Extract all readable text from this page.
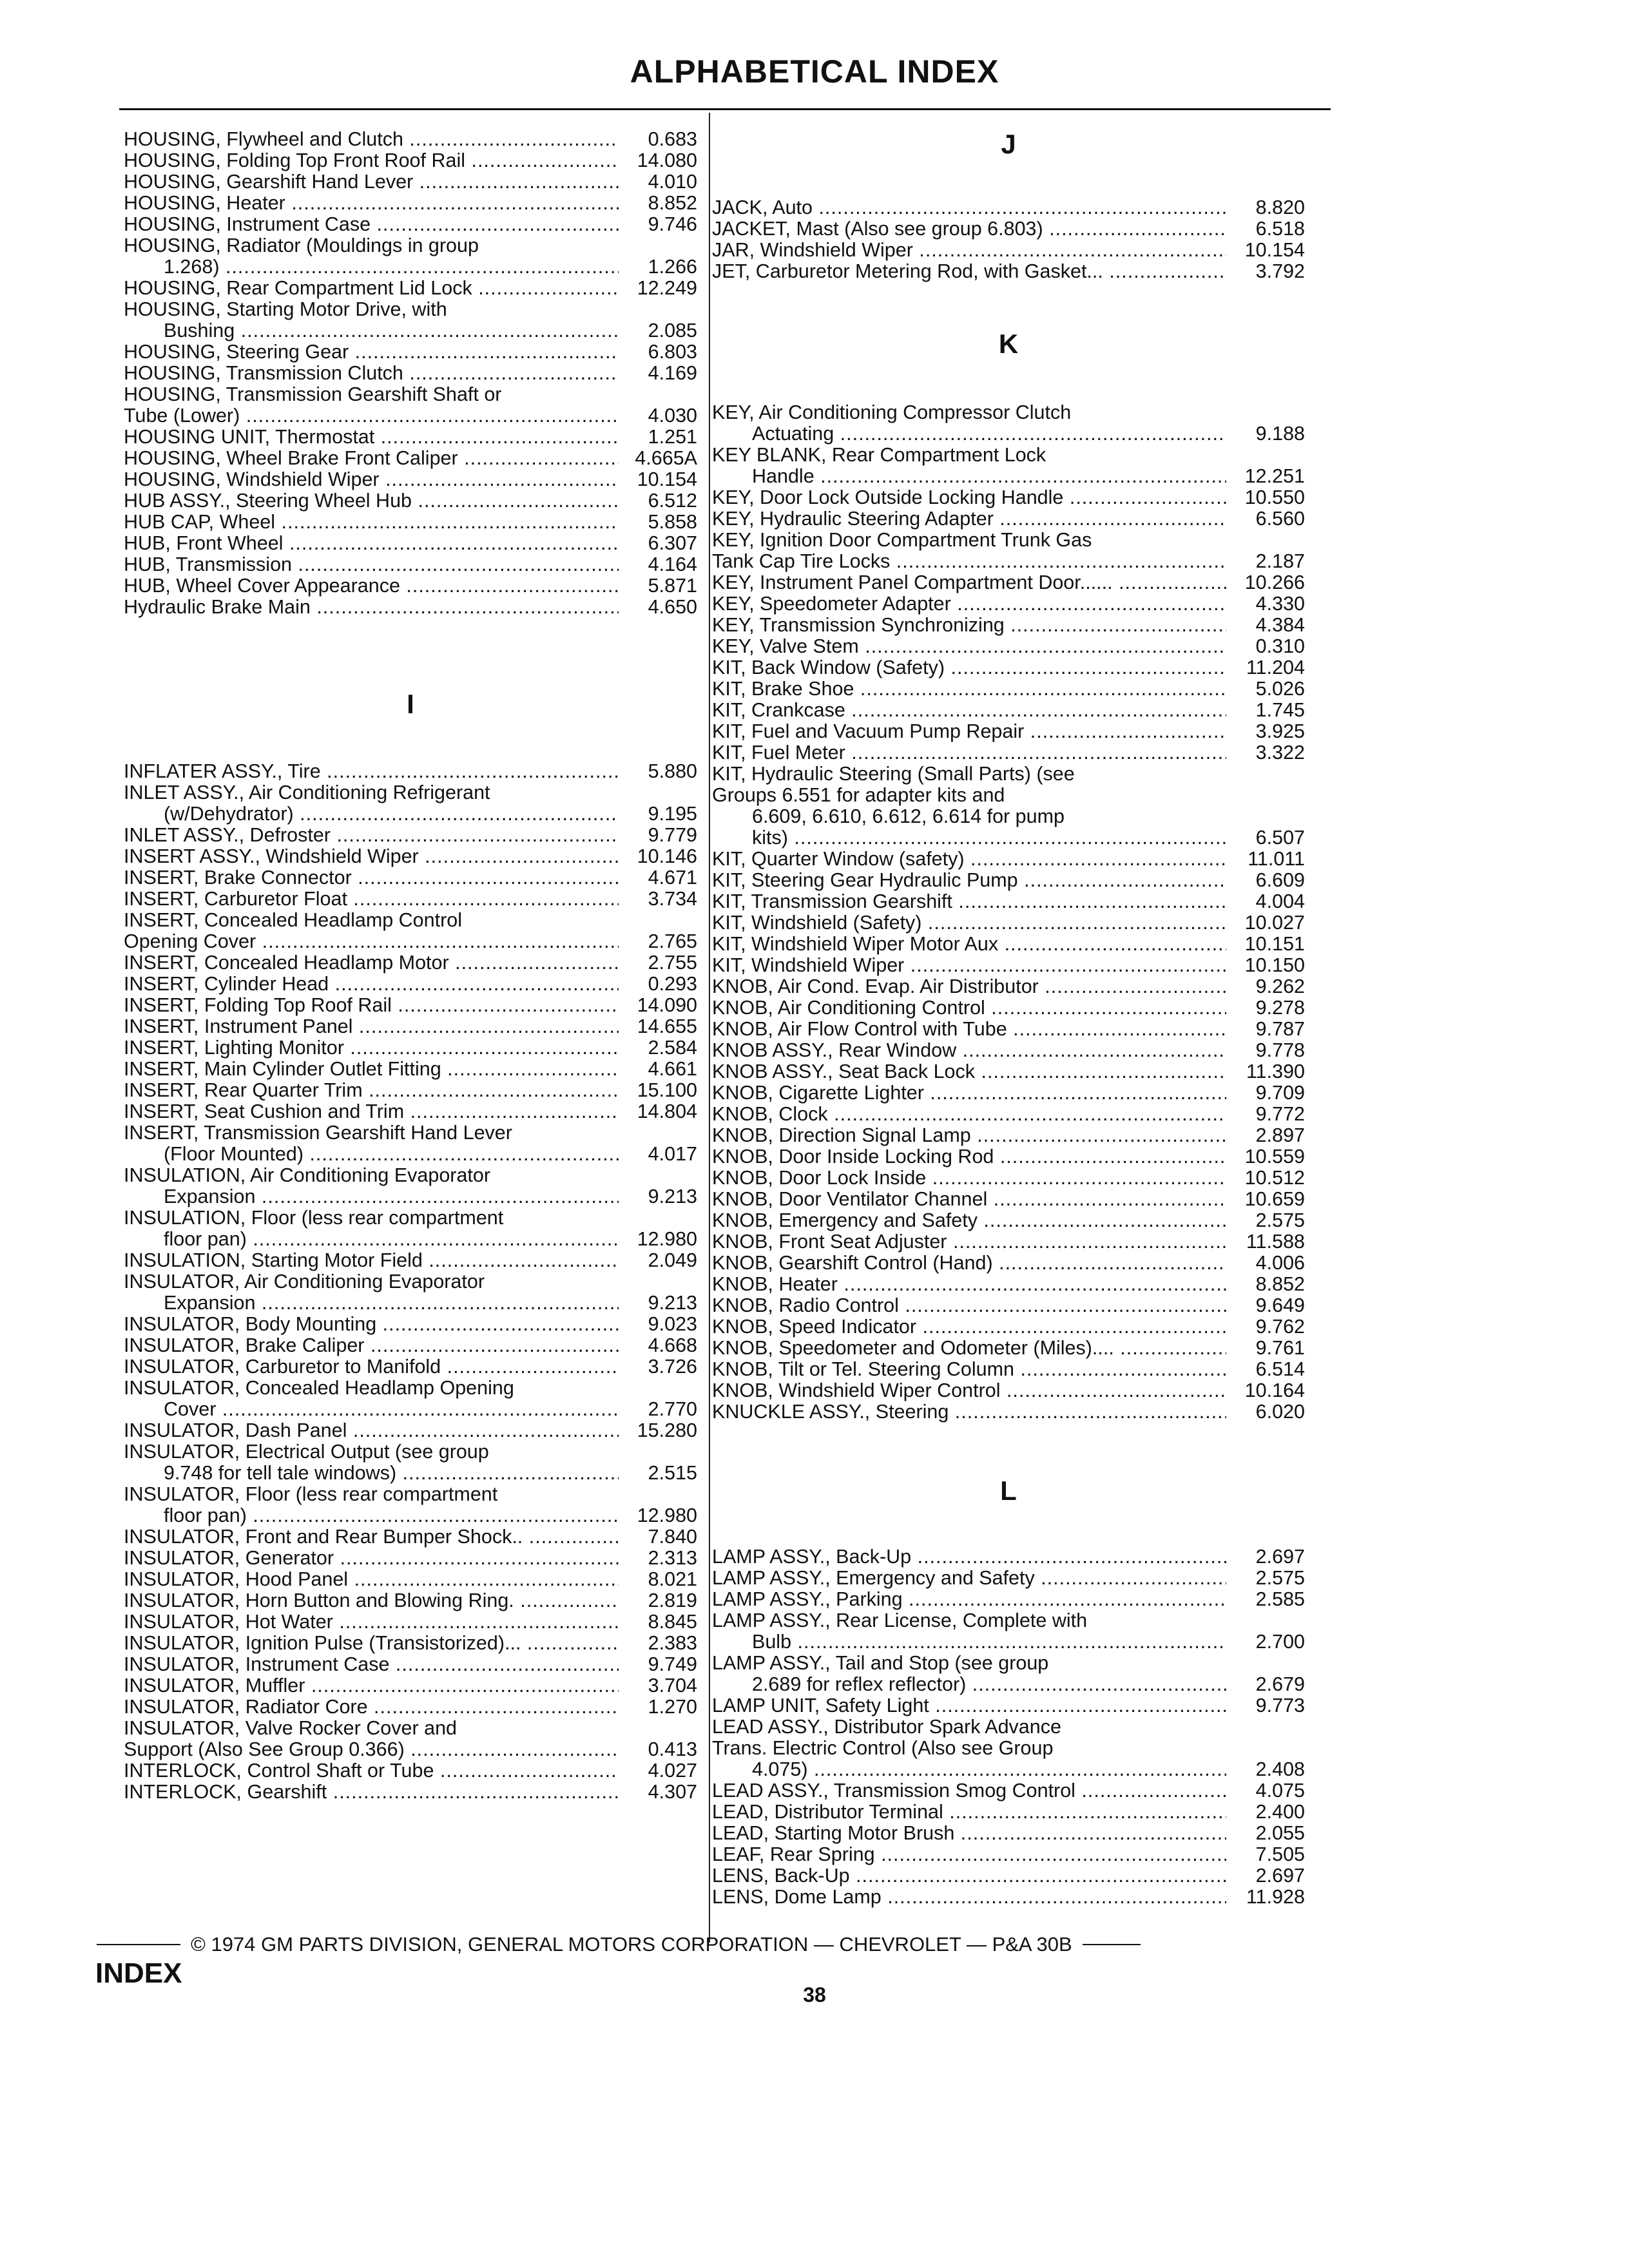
ALPHABETICAL INDEX
HOUSING, Flywheel and Clutch .....	0.683
HOUSING, Folding Top Front Roof Rail .....	14.080
HOUSING, Gearshift Hand Lever .....	4.010
HOUSING, Heater .....	8.852
HOUSING, Instrument Case .....	9.746
HOUSING, Radiator (Mouldings in group
1.268) .....	1.266
HOUSING, Rear Compartment Lid Lock .....	12.249
HOUSING, Starting Motor Drive, with
Bushing .....	2.085
HOUSING, Steering Gear .....	6.803
HOUSING, Transmission Clutch .....	4.169
HOUSING, Transmission Gearshift Shaft or
Tube (Lower) .....	4.030
HOUSING UNIT, Thermostat .....	1.251
HOUSING, Wheel Brake Front Caliper .....	4.665A
HOUSING, Windshield Wiper .....	10.154
HUB ASSY., Steering Wheel Hub .....	6.512
HUB CAP, Wheel .....	5.858
HUB, Front Wheel .....	6.307
HUB, Transmission .....	4.164
HUB, Wheel Cover Appearance .....	5.871
Hydraulic Brake Main .....	4.650
I
INFLATER ASSY., Tire .....	5.880
INLET ASSY., Air Conditioning Refrigerant
(w/Dehydrator) .....	9.195
INLET ASSY., Defroster .....	9.779
INSERT ASSY., Windshield Wiper .....	10.146
INSERT, Brake Connector .....	4.671
INSERT, Carburetor Float .....	3.734
INSERT, Concealed Headlamp Control
Opening Cover .....	2.765
INSERT, Concealed Headlamp Motor .....	2.755
INSERT, Cylinder Head .....	0.293
INSERT, Folding Top Roof Rail .....	14.090
INSERT, Instrument Panel .....	14.655
INSERT, Lighting Monitor .....	2.584
INSERT, Main Cylinder Outlet Fitting .....	4.661
INSERT, Rear Quarter Trim .....	15.100
INSERT, Seat Cushion and Trim .....	14.804
INSERT, Transmission Gearshift Hand Lever
(Floor Mounted) .....	4.017
INSULATION, Air Conditioning Evaporator
Expansion .....	9.213
INSULATION, Floor (less rear compartment
floor pan) .....	12.980
INSULATION, Starting Motor Field .....	2.049
INSULATOR, Air Conditioning Evaporator
Expansion .....	9.213
INSULATOR, Body Mounting .....	9.023
INSULATOR, Brake Caliper .....	4.668
INSULATOR, Carburetor to Manifold .....	3.726
INSULATOR, Concealed Headlamp Opening
Cover .....	2.770
INSULATOR, Dash Panel .....	15.280
INSULATOR, Electrical Output (see group
9.748 for tell tale windows) .....	2.515
INSULATOR, Floor (less rear compartment
floor pan) .....	12.980
INSULATOR, Front and Rear Bumper Shock.. .....	7.840
INSULATOR, Generator .....	2.313
INSULATOR, Hood Panel .....	8.021
INSULATOR, Horn Button and Blowing Ring. .....	2.819
INSULATOR, Hot Water .....	8.845
INSULATOR, Ignition Pulse (Transistorized)... .....	2.383
INSULATOR, Instrument Case .....	9.749
INSULATOR, Muffler .....	3.704
INSULATOR, Radiator Core .....	1.270
INSULATOR, Valve Rocker Cover and
Support (Also See Group 0.366) .....	0.413
INTERLOCK, Control Shaft or Tube .....	4.027
INTERLOCK, Gearshift .....	4.307
J
JACK, Auto .....	8.820
JACKET, Mast (Also see group 6.803) .....	6.518
JAR, Windshield Wiper .....	10.154
JET, Carburetor Metering Rod, with Gasket... .....	3.792
K
KEY, Air Conditioning Compressor Clutch
Actuating .....	9.188
KEY BLANK, Rear Compartment Lock
Handle .....	12.251
KEY, Door Lock Outside Locking Handle .....	10.550
KEY, Hydraulic Steering Adapter .....	6.560
KEY, Ignition Door Compartment Trunk Gas
Tank Cap Tire Locks .....	2.187
KEY, Instrument Panel Compartment Door...... .....	10.266
KEY, Speedometer Adapter .....	4.330
KEY, Transmission Synchronizing .....	4.384
KEY, Valve Stem .....	0.310
KIT, Back Window (Safety) .....	11.204
KIT, Brake Shoe .....	5.026
KIT, Crankcase .....	1.745
KIT, Fuel and Vacuum Pump Repair .....	3.925
KIT, Fuel Meter .....	3.322
KIT, Hydraulic Steering (Small Parts) (see
Groups 6.551 for adapter kits and
6.609, 6.610, 6.612, 6.614 for pump
kits) .....	6.507
KIT, Quarter Window (safety) .....	11.011
KIT, Steering Gear Hydraulic Pump .....	6.609
KIT, Transmission Gearshift .....	4.004
KIT, Windshield (Safety) .....	10.027
KIT, Windshield Wiper Motor Aux .....	10.151
KIT, Windshield Wiper .....	10.150
KNOB, Air Cond. Evap. Air Distributor .....	9.262
KNOB, Air Conditioning Control .....	9.278
KNOB, Air Flow Control with Tube .....	9.787
KNOB ASSY., Rear Window .....	9.778
KNOB ASSY., Seat Back Lock .....	11.390
KNOB, Cigarette Lighter .....	9.709
KNOB, Clock .....	9.772
KNOB, Direction Signal Lamp .....	2.897
KNOB, Door Inside Locking Rod .....	10.559
KNOB, Door Lock Inside .....	10.512
KNOB, Door Ventilator Channel .....	10.659
KNOB, Emergency and Safety .....	2.575
KNOB, Front Seat Adjuster .....	11.588
KNOB, Gearshift Control (Hand) .....	4.006
KNOB, Heater .....	8.852
KNOB, Radio Control .....	9.649
KNOB, Speed Indicator .....	9.762
KNOB, Speedometer and Odometer (Miles).... .....	9.761
KNOB, Tilt or Tel. Steering Column .....	6.514
KNOB, Windshield Wiper Control .....	10.164
KNUCKLE ASSY., Steering .....	6.020
L
LAMP ASSY., Back-Up .....	2.697
LAMP ASSY., Emergency and Safety .....	2.575
LAMP ASSY., Parking .....	2.585
LAMP ASSY., Rear License, Complete with
Bulb .....	2.700
LAMP ASSY., Tail and Stop (see group
2.689 for reflex reflector) .....	2.679
LAMP UNIT, Safety Light .....	9.773
LEAD ASSY., Distributor Spark Advance
Trans. Electric Control (Also see Group
4.075) .....	2.408
LEAD ASSY., Transmission Smog Control .....	4.075
LEAD, Distributor Terminal .....	2.400
LEAD, Starting Motor Brush .....	2.055
LEAF, Rear Spring .....	7.505
LENS, Back-Up .....	2.697
LENS, Dome Lamp .....	11.928
© 1974 GM PARTS DIVISION, GENERAL MOTORS CORPORATION — CHEVROLET — P&A 30B
INDEX
38
